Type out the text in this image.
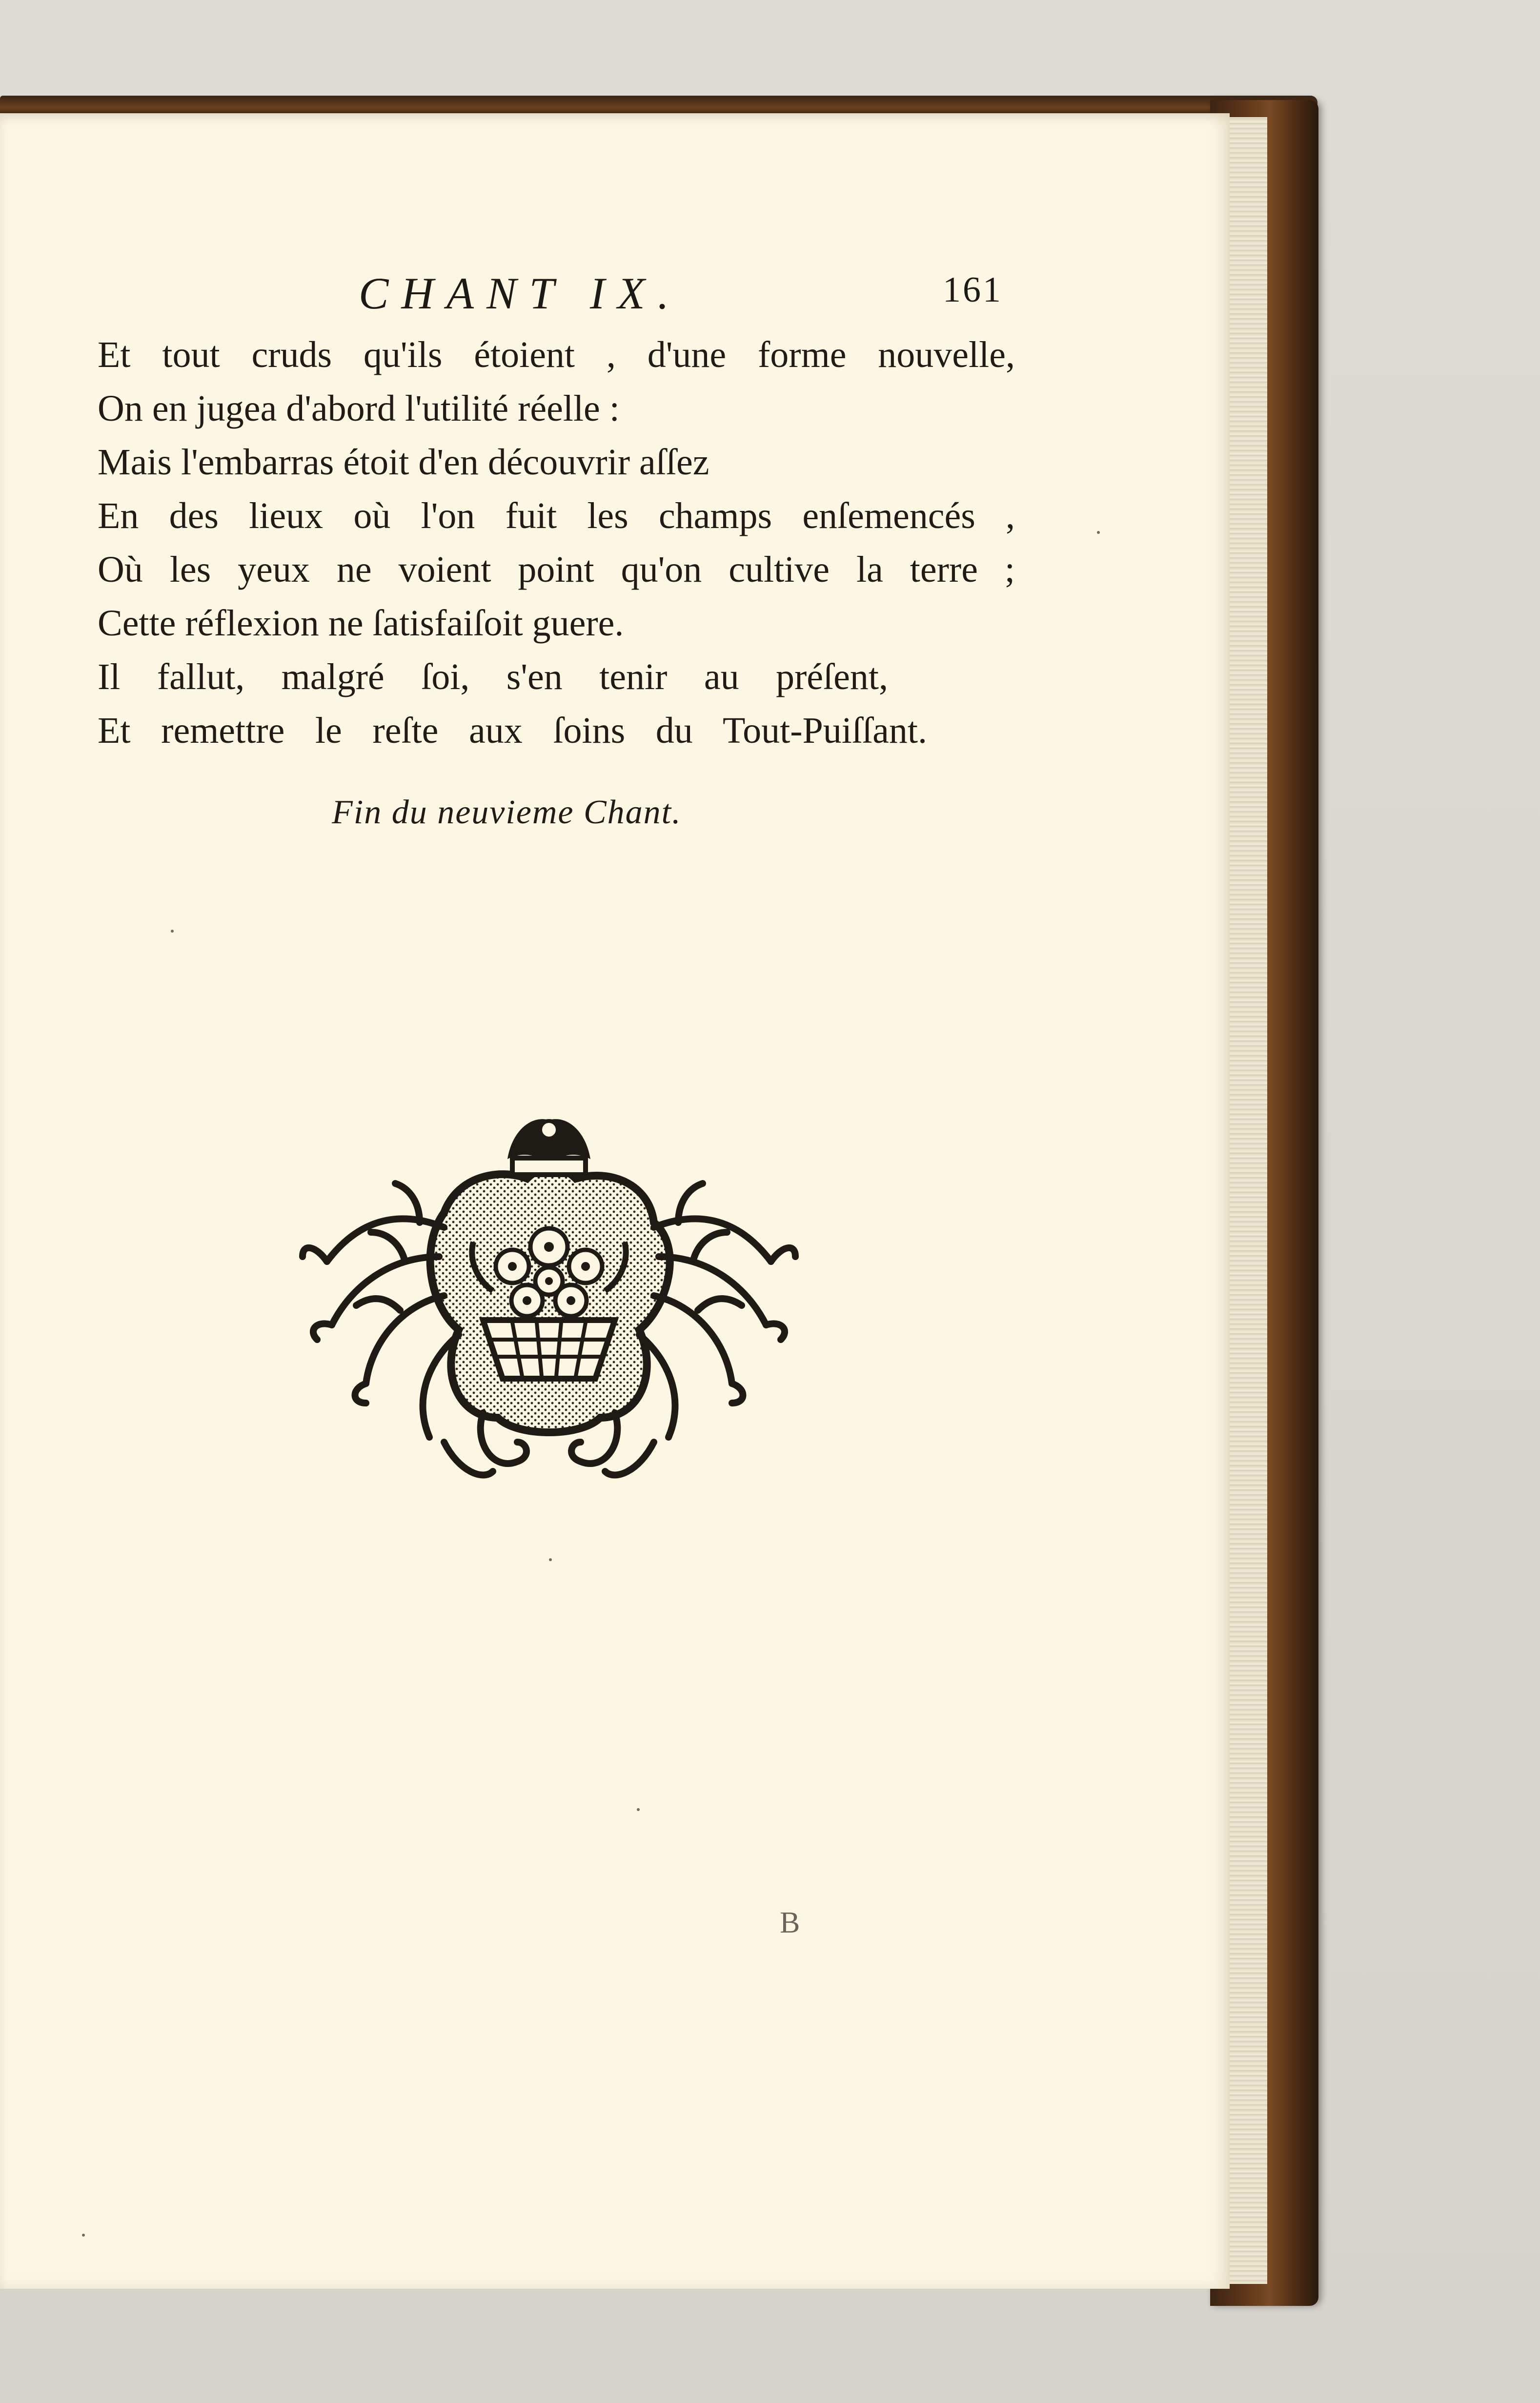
CHANT IX.	161
Et tout cruds qu'ils étoient , d'une forme nouvelle,
On en jugea d'abord l'utilité réelle :
Mais l'embarras étoit d'en découvrir aſſez
En des lieux où l'on fuit les champs enſemencés ,
Où les yeux ne voient point qu'on cultive la terre ;
Cette réflexion ne ſatisfaiſoit guere.
Il fallut, malgré ſoi, s'en tenir au préſent,
Et remettre le reſte aux ſoins du Tout-Puiſſant.
Fin du neuvieme Chant.
B
